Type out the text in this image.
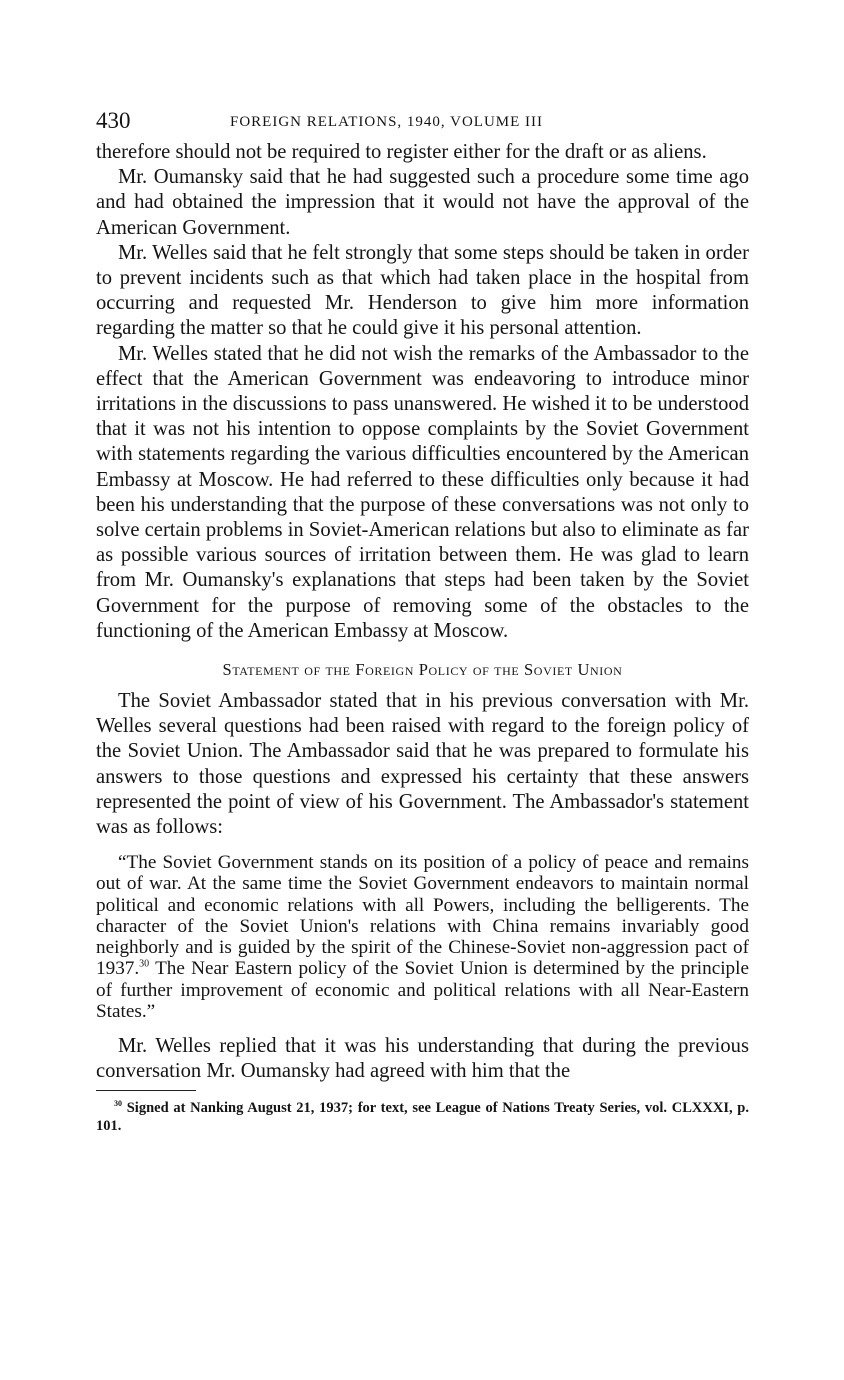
430	FOREIGN RELATIONS, 1940, VOLUME III

therefore should not be required to register either for the draft or as aliens.

Mr. Oumansky said that he had suggested such a procedure some time ago and had obtained the impression that it would not have the approval of the American Government.

Mr. Welles said that he felt strongly that some steps should be taken in order to prevent incidents such as that which had taken place in the hospital from occurring and requested Mr. Henderson to give him more information regarding the matter so that he could give it his personal attention.

Mr. Welles stated that he did not wish the remarks of the Ambassador to the effect that the American Government was endeavoring to introduce minor irritations in the discussions to pass unanswered. He wished it to be understood that it was not his intention to oppose complaints by the Soviet Government with statements regarding the various difficulties encountered by the American Embassy at Moscow. He had referred to these difficulties only because it had been his understanding that the purpose of these conversations was not only to solve certain problems in Soviet-American relations but also to eliminate as far as possible various sources of irritation between them. He was glad to learn from Mr. Oumansky's explanations that steps had been taken by the Soviet Government for the purpose of removing some of the obstacles to the functioning of the American Embassy at Moscow.

Statement of the Foreign Policy of the Soviet Union

The Soviet Ambassador stated that in his previous conversation with Mr. Welles several questions had been raised with regard to the foreign policy of the Soviet Union. The Ambassador said that he was prepared to formulate his answers to those questions and expressed his certainty that these answers represented the point of view of his Government. The Ambassador's statement was as follows:

“The Soviet Government stands on its position of a policy of peace and remains out of war. At the same time the Soviet Government endeavors to maintain normal political and economic relations with all Powers, including the belligerents. The character of the Soviet Union's relations with China remains invariably good neighborly and is guided by the spirit of the Chinese-Soviet non-aggression pact of 1937.30 The Near Eastern policy of the Soviet Union is determined by the principle of further improvement of economic and political relations with all Near-Eastern States.”

Mr. Welles replied that it was his understanding that during the previous conversation Mr. Oumansky had agreed with him that the

$^{30}$ Signed at Nanking August 21, 1937; for text, see League of Nations Treaty Series, vol. CLXXXI, p. 101.
